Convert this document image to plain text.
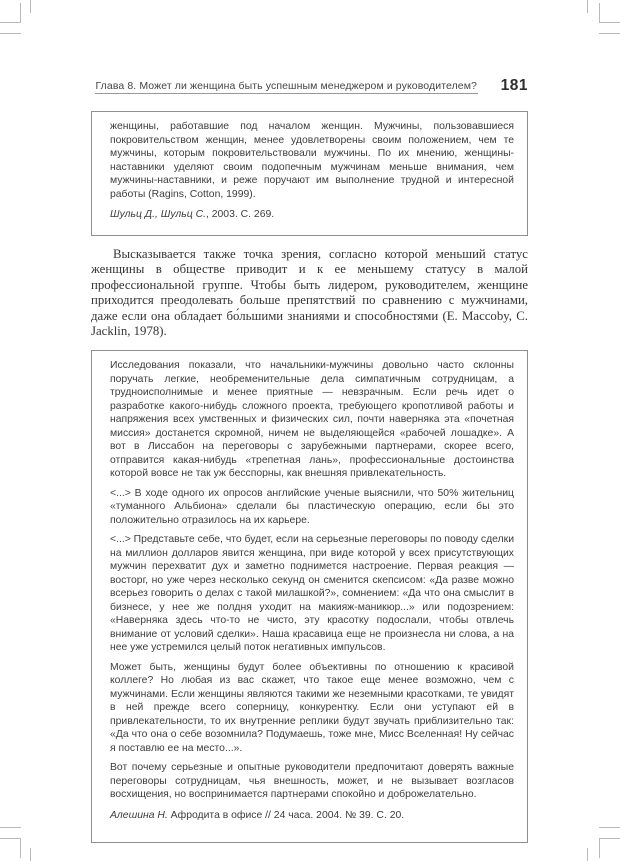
Глава 8. Может ли женщина быть успешным менеджером и руководителем? 181

женщины, работавшие под началом женщин. Мужчины, пользовавшиеся покровительством женщин, менее удовлетворены своим положением, чем те мужчины, которым покровительствовали мужчины. По их мнению, женщины-наставники уделяют своим подопечным мужчинам меньше внимания, чем мужчины-наставники, и реже поручают им выполнение трудной и интересной работы (Ragins, Cotton, 1999).

Шульц Д., Шульц С., 2003. С. 269.

Высказывается также точка зрения, согласно которой меньший статус женщины в обществе приводит и к ее меньшему статусу в малой профессиональной группе. Чтобы быть лидером, руководителем, женщине приходится преодолевать больше препятствий по сравнению с мужчинами, даже если она обладает бо́льшими знаниями и способностями (E. Maccoby, C. Jacklin, 1978).

Исследования показали, что начальники-мужчины довольно часто склонны поручать легкие, необременительные дела симпатичным сотрудницам, а трудноисполнимые и менее приятные — невзрачным. Если речь идет о разработке какого-нибудь сложного проекта, требующего кропотливой работы и напряжения всех умственных и физических сил, почти наверняка эта «почетная миссия» достанется скромной, ничем не выделяющейся «рабочей лошадке». А вот в Лиссабон на переговоры с зарубежными партнерами, скорее всего, отправится какая-нибудь «трепетная лань», профессиональные достоинства которой вовсе не так уж бесспорны, как внешняя привлекательность.

<...> В ходе одного их опросов английские ученые выяснили, что 50% жительниц «туманного Альбиона» сделали бы пластическую операцию, если бы это положительно отразилось на их карьере.

<...> Представьте себе, что будет, если на серьезные переговоры по поводу сделки на миллион долларов явится женщина, при виде которой у всех присутствующих мужчин перехватит дух и заметно поднимется настроение. Первая реакция — восторг, но уже через несколько секунд он сменится скепсисом: «Да разве можно всерьез говорить о делах с такой милашкой?», сомнением: «Да что она смыслит в бизнесе, у нее же полдня уходит на макияж-маникюр...» или подозрением: «Наверняка здесь что-то не чисто, эту красотку подослали, чтобы отвлечь внимание от условий сделки». Наша красавица еще не произнесла ни слова, а на нее уже устремился целый поток негативных импульсов.

Может быть, женщины будут более объективны по отношению к красивой коллеге? Но любая из вас скажет, что такое еще менее возможно, чем с мужчинами. Если женщины являются такими же неземными красотками, те увидят в ней прежде всего соперницу, конкурентку. Если они уступают ей в привлекательности, то их внутренние реплики будут звучать приблизительно так: «Да что она о себе возомнила? Подумаешь, тоже мне, Мисс Вселенная! Ну сейчас я поставлю ее на место...».

Вот почему серьезные и опытные руководители предпочитают доверять важные переговоры сотрудницам, чья внешность, может, и не вызывает возгласов восхищения, но воспринимается партнерами спокойно и доброжелательно.

Алешина Н. Афродита в офисе // 24 часа. 2004. № 39. С. 20.
